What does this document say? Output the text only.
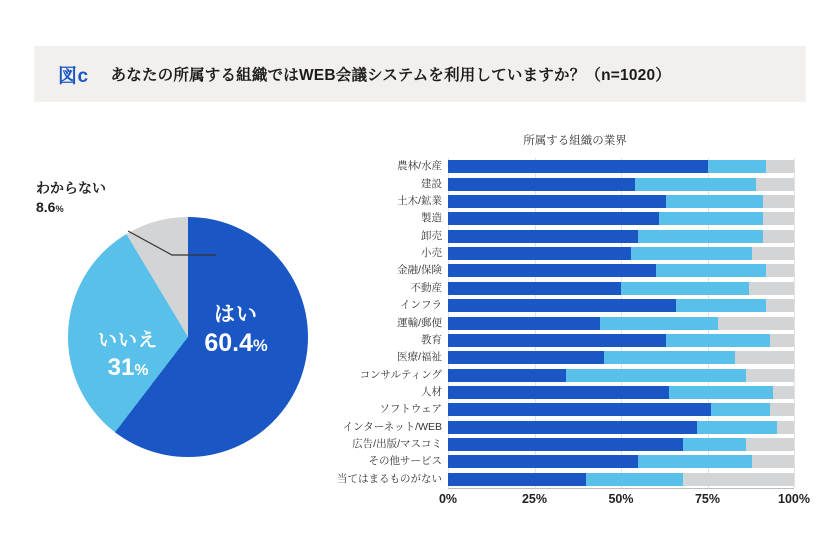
図c あなたの所属する組織ではWEB会議システムを利用していますか？（n=1020）
はい
60.4%
いいえ
31%
わからない
8.6%
所属する組織の業界
農林/水産
建設
土木/鉱業
製造
卸売
小売
金融/保険
不動産
インフラ
運輸/郵便
教育
医療/福祉
コンサルティング
人材
ソフトウェア
インターネット/WEB
広告/出版/マスコミ
その他サービス
当てはまるものがない
0%	25%	50%	75%	100%
